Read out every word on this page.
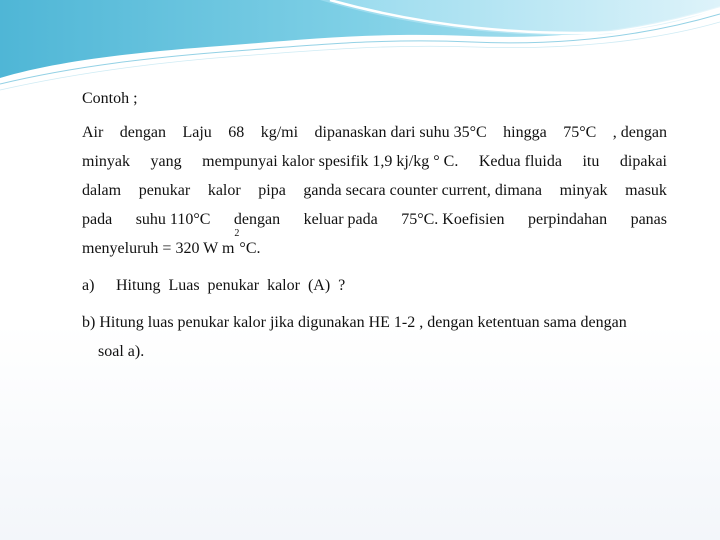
Contoh ;
Air dengan Laju 68 kg/mi dipanaskan dari suhu 35°C hingga 75°C , dengan
minyak yang mempunyai kalor spesifik 1,9 kj/kg ° C. Kedua fluida itu dipakai
dalam penukar kalor pipa ganda secara counter current, dimana minyak masuk
pada suhu 110°C dengan keluar pada 75°C. Koefisien perpindahan panas
menyeluruh = 320 W m
2
°C.
a)	Hitung Luas penukar kalor (A) ?
b) Hitung luas penukar kalor jika digunakan HE 1-2 , dengan ketentuan sama dengan
soal a).
